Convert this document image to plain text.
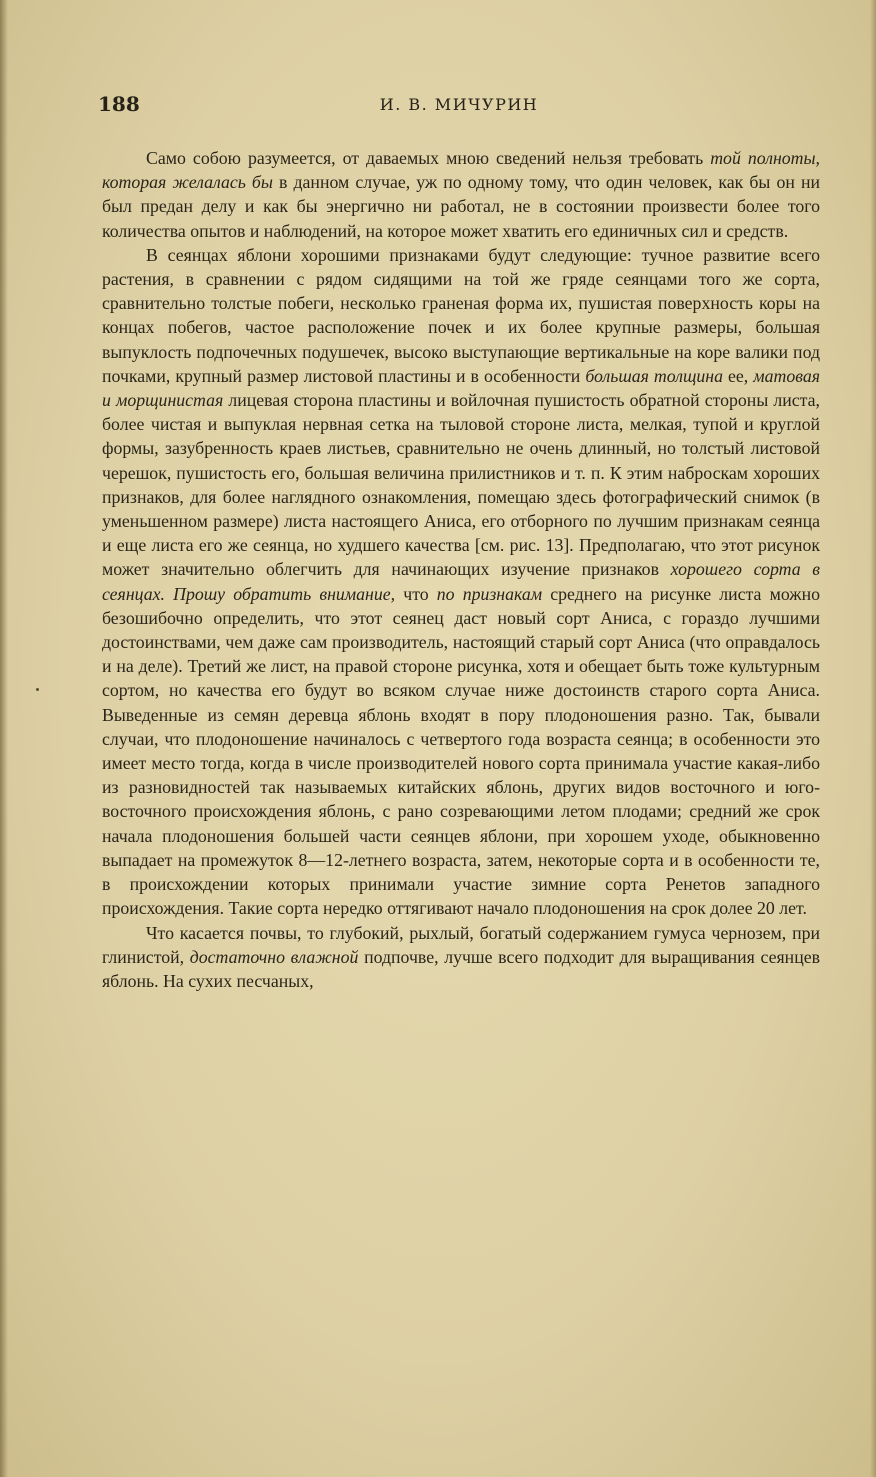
188	И. В. МИЧУРИН

Само собою разумеется, от даваемых мною сведений нельзя требовать той полноты, которая желалась бы в данном случае, уж по одному тому, что один человек, как бы он ни был предан делу и как бы энергично ни работал, не в состоянии произвести более того количества опытов и наблюдений, на которое может хватить его единичных сил и средств.

В сеянцах яблони хорошими признаками будут следующие: тучное развитие всего растения, в сравнении с рядом сидящими на той же гряде сеянцами того же сорта, сравнительно толстые побеги, несколько граненая форма их, пушистая поверхность коры на концах побегов, частое расположение почек и их более крупные размеры, большая выпуклость подпочечных подушечек, высоко выступающие вертикальные на коре валики под почками, крупный размер листовой пластины и в особенности большая толщина ее, матовая и морщинистая лицевая сторона пластины и войлочная пушистость обратной стороны листа, более чистая и выпуклая нервная сетка на тыловой стороне листа, мелкая, тупой и круглой формы, зазубренность краев листьев, сравнительно не очень длинный, но толстый листовой черешок, пушистость его, большая величина прилистников и т. п. К этим наброскам хороших признаков, для более наглядного ознакомления, помещаю здесь фотографический снимок (в уменьшенном размере) листа настоящего Аниса, его отборного по лучшим признакам сеянца и еще листа его же сеянца, но худшего качества [см. рис. 13]. Предполагаю, что этот рисунок может значительно облегчить для начинающих изучение признаков хорошего сорта в сеянцах. Прошу обратить внимание, что по признакам среднего на рисунке листа можно безошибочно определить, что этот сеянец даст новый сорт Аниса, с гораздо лучшими достоинствами, чем даже сам производитель, настоящий старый сорт Аниса (что оправдалось и на деле). Третий же лист, на правой стороне рисунка, хотя и обещает быть тоже культурным сортом, но качества его будут во всяком случае ниже достоинств старого сорта Аниса. Выведенные из семян деревца яблонь входят в пору плодоношения разно. Так, бывали случаи, что плодоношение начиналось с четвертого года возраста сеянца; в особенности это имеет место тогда, когда в числе производителей нового сорта принимала участие какая-либо из разновидностей так называемых китайских яблонь, других видов восточного и юго-восточного происхождения яблонь, с рано созревающими летом плодами; средний же срок начала плодоношения большей части сеянцев яблони, при хорошем уходе, обыкновенно выпадает на промежуток 8—12-летнего возраста, затем, некоторые сорта и в особенности те, в происхождении которых принимали участие зимние сорта Ренетов западного происхождения. Такие сорта нередко оттягивают начало плодоношения на срок долее 20 лет.

Что касается почвы, то глубокий, рыхлый, богатый содержанием гумуса чернозем, при глинистой, достаточно влажной подпочве, лучше всего подходит для выращивания сеянцев яблонь. На сухих песчаных,
